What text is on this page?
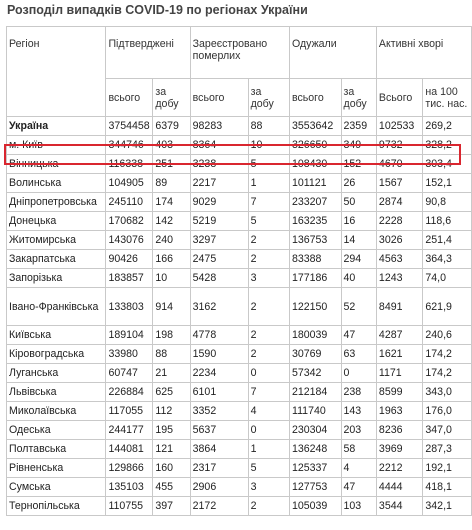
Розподіл випадків COVID-19 по регіонах України
Регіон	Підтверджені		Зареєстровано померлих		Одужали		Активні хворі	
	всього	за добу	всього	за добу	всього	за добу	Всього	на 100 тис. нас.
Україна	3754458	6379	98283	88	3553642	2359	102533	269,2
м. Київ	344746	403	8364	10	326650	349	9732	328,2
Вінницька	116338	251	3238	5	108430	152	4670	303,4
Волинська	104905	89	2217	1	101121	26	1567	152,1
Дніпропетровська	245110	174	9029	7	233207	50	2874	90,8
Донецька	170682	142	5219	5	163235	16	2228	118,6
Житомирська	143076	240	3297	2	136753	14	3026	251,4
Закарпатська	90426	166	2475	2	83388	294	4563	364,3
Запорізька	183857	10	5428	3	177186	40	1243	74,0
Івано-Франківська	133803	914	3162	2	122150	52	8491	621,9
Київська	189104	198	4778	2	180039	47	4287	240,6
Кіровоградська	33980	88	1590	2	30769	63	1621	174,2
Луганська	60747	21	2234	0	57342	0	1171	174,2
Львівська	226884	625	6101	7	212184	238	8599	343,0
Миколаївська	117055	112	3352	4	111740	143	1963	176,0
Одеська	244177	195	5637	0	230304	203	8236	347,0
Полтавська	144081	121	3864	1	136248	58	3969	287,3
Рівненська	129866	160	2317	5	125337	4	2212	192,1
Сумська	135103	455	2906	3	127753	47	4444	418,1
Тернопільська	110755	397	2172	2	105039	103	3544	342,1
